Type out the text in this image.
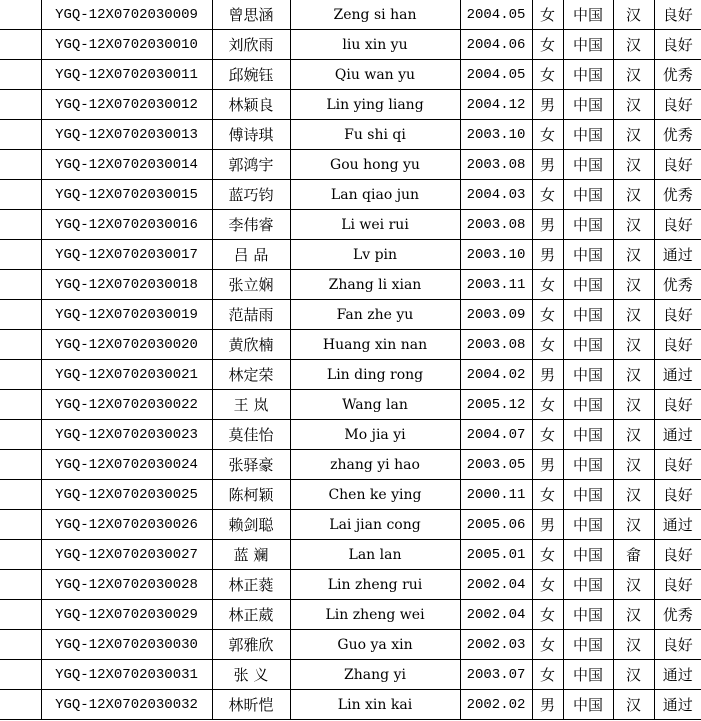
	YGQ-12X0702030009	曾思涵	Zeng si han	2004.05	女	中国	汉	良好
	YGQ-12X0702030010	刘欣雨	liu xin yu	2004.06	女	中国	汉	良好
	YGQ-12X0702030011	邱婉钰	Qiu wan yu	2004.05	女	中国	汉	优秀
	YGQ-12X0702030012	林颖良	Lin ying liang	2004.12	男	中国	汉	良好
	YGQ-12X0702030013	傅诗琪	Fu shi qi	2003.10	女	中国	汉	优秀
	YGQ-12X0702030014	郭鸿宇	Gou hong yu	2003.08	男	中国	汉	良好
	YGQ-12X0702030015	蓝巧钧	Lan qiao jun	2004.03	女	中国	汉	优秀
	YGQ-12X0702030016	李伟睿	Li wei rui	2003.08	男	中国	汉	良好
	YGQ-12X0702030017	吕 品	Lv pin	2003.10	男	中国	汉	通过
	YGQ-12X0702030018	张立娴	Zhang li xian	2003.11	女	中国	汉	优秀
	YGQ-12X0702030019	范喆雨	Fan zhe yu	2003.09	女	中国	汉	良好
	YGQ-12X0702030020	黄欣楠	Huang xin nan	2003.08	女	中国	汉	良好
	YGQ-12X0702030021	林定荣	Lin ding rong	2004.02	男	中国	汉	通过
	YGQ-12X0702030022	王 岚	Wang lan	2005.12	女	中国	汉	良好
	YGQ-12X0702030023	莫佳怡	Mo jia yi	2004.07	女	中国	汉	通过
	YGQ-12X0702030024	张驿豪	zhang yi hao	2003.05	男	中国	汉	良好
	YGQ-12X0702030025	陈柯颖	Chen ke ying	2000.11	女	中国	汉	良好
	YGQ-12X0702030026	赖剑聪	Lai jian cong	2005.06	男	中国	汉	通过
	YGQ-12X0702030027	蓝 斓	Lan lan	2005.01	女	中国	畲	良好
	YGQ-12X0702030028	林正蕤	Lin zheng rui	2002.04	女	中国	汉	良好
	YGQ-12X0702030029	林正葳	Lin zheng wei	2002.04	女	中国	汉	优秀
	YGQ-12X0702030030	郭雅欣	Guo ya xin	2002.03	女	中国	汉	良好
	YGQ-12X0702030031	张 义	Zhang yi	2003.07	女	中国	汉	通过
	YGQ-12X0702030032	林昕恺	Lin xin kai	2002.02	男	中国	汉	通过
